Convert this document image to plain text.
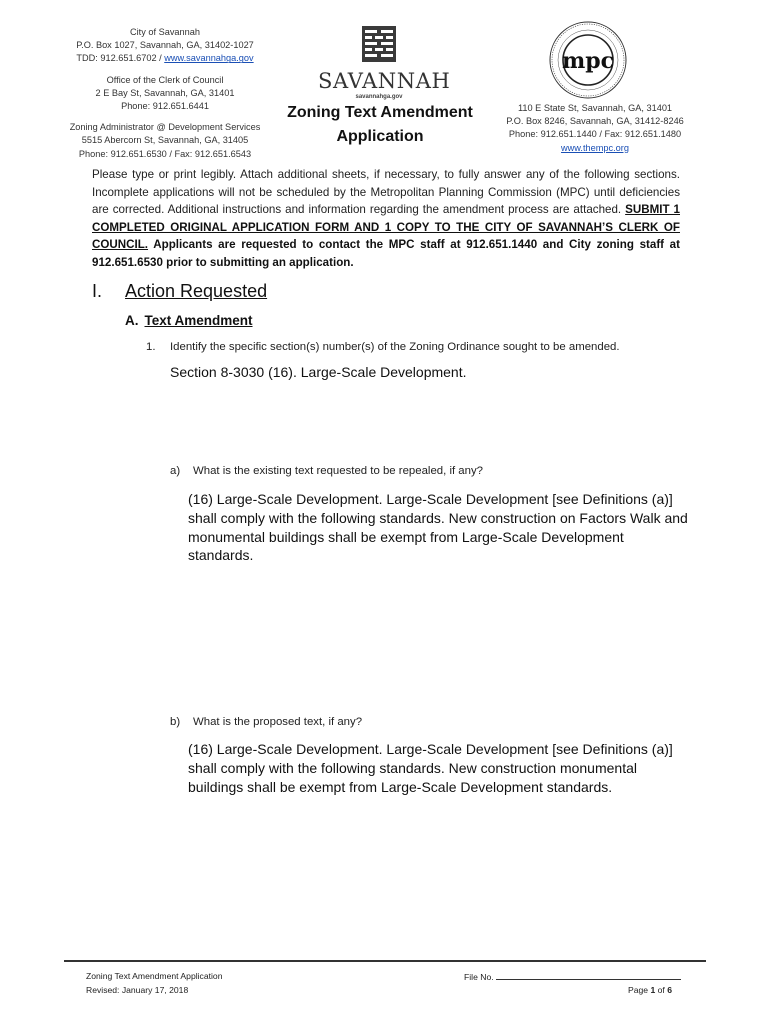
City of Savannah
P.O. Box 1027, Savannah, GA, 31402-1027
TDD: 912.651.6702 / www.savannahga.gov
Office of the Clerk of Council
2 E Bay St, Savannah, GA, 31401
Phone: 912.651.6441
Zoning Administrator @ Development Services
5515 Abercorn St, Savannah, GA, 31405
Phone: 912.651.6530 / Fax: 912.651.6543
SAVANNAH
savannahga.gov
Zoning Text Amendment
Application
mpc
110 E State St, Savannah, GA, 31401
P.O. Box 8246, Savannah, GA, 31412-8246
Phone: 912.651.1440 / Fax: 912.651.1480
www.thempc.org
Please type or print legibly. Attach additional sheets, if necessary, to fully answer any of the following sections. Incomplete applications will not be scheduled by the Metropolitan Planning Commission (MPC) until deficiencies are corrected. Additional instructions and information regarding the amendment process are attached. SUBMIT 1 COMPLETED ORIGINAL APPLICATION FORM AND 1 COPY TO THE CITY OF SAVANNAH’S CLERK OF COUNCIL. Applicants are requested to contact the MPC staff at 912.651.1440 and City zoning staff at 912.651.6530 prior to submitting an application.
I. Action Requested
A. Text Amendment
1. Identify the specific section(s) number(s) of the Zoning Ordinance sought to be amended.
Section 8-3030 (16). Large-Scale Development.
a) What is the existing text requested to be repealed, if any?
(16) Large-Scale Development. Large-Scale Development [see Definitions (a)] shall comply with the following standards. New construction on Factors Walk and monumental buildings shall be exempt from Large-Scale Development standards.
b) What is the proposed text, if any?
(16) Large-Scale Development. Large-Scale Development [see Definitions (a)] shall comply with the following standards. New construction monumental buildings shall be exempt from Large-Scale Development standards.
Zoning Text Amendment Application
Revised: January 17, 2018
File No.
Page 1 of 6
